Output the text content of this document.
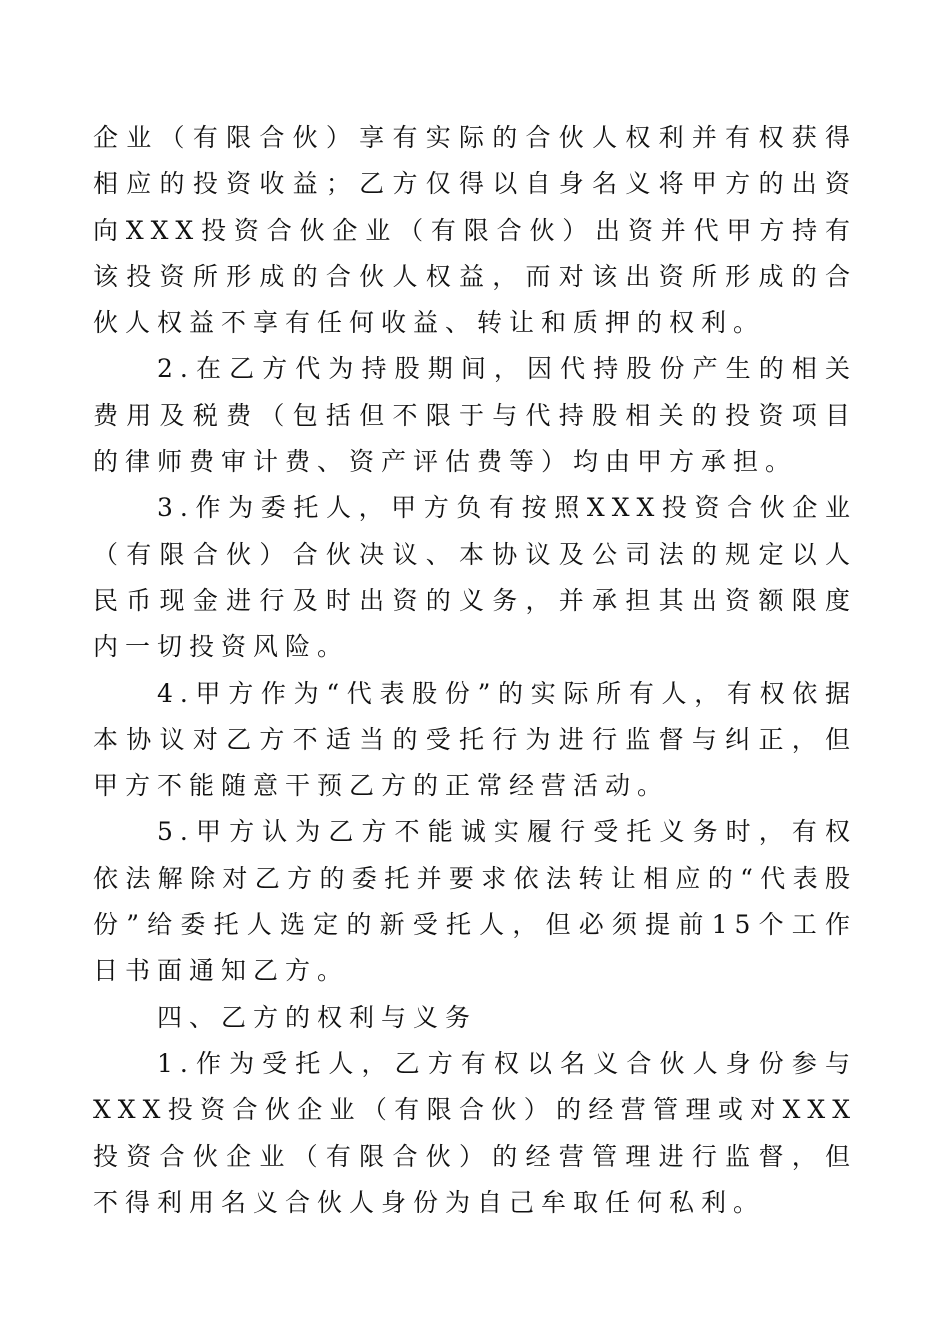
企业（有限合伙）享有实际的合伙人权利并有权获得相应的投资收益；乙方仅得以自身名义将甲方的出资向XXX投资合伙企业（有限合伙）出资并代甲方持有该投资所形成的合伙人权益，而对该出资所形成的合伙人权益不享有任何收益、转让和质押的权利。

2.在乙方代为持股期间，因代持股份产生的相关费用及税费（包括但不限于与代持股相关的投资项目的律师费审计费、资产评估费等）均由甲方承担。

3.作为委托人，甲方负有按照XXX投资合伙企业（有限合伙）合伙决议、本协议及公司法的规定以人民币现金进行及时出资的义务，并承担其出资额限度内一切投资风险。

4.甲方作为“代表股份”的实际所有人，有权依据本协议对乙方不适当的受托行为进行监督与纠正，但甲方不能随意干预乙方的正常经营活动。

5.甲方认为乙方不能诚实履行受托义务时，有权依法解除对乙方的委托并要求依法转让相应的“代表股份”给委托人选定的新受托人，但必须提前15个工作日书面通知乙方。

四、乙方的权利与义务

1.作为受托人，乙方有权以名义合伙人身份参与XXX投资合伙企业（有限合伙）的经营管理或对XXX投资合伙企业（有限合伙）的经营管理进行监督，但不得利用名义合伙人身份为自己牟取任何私利。
